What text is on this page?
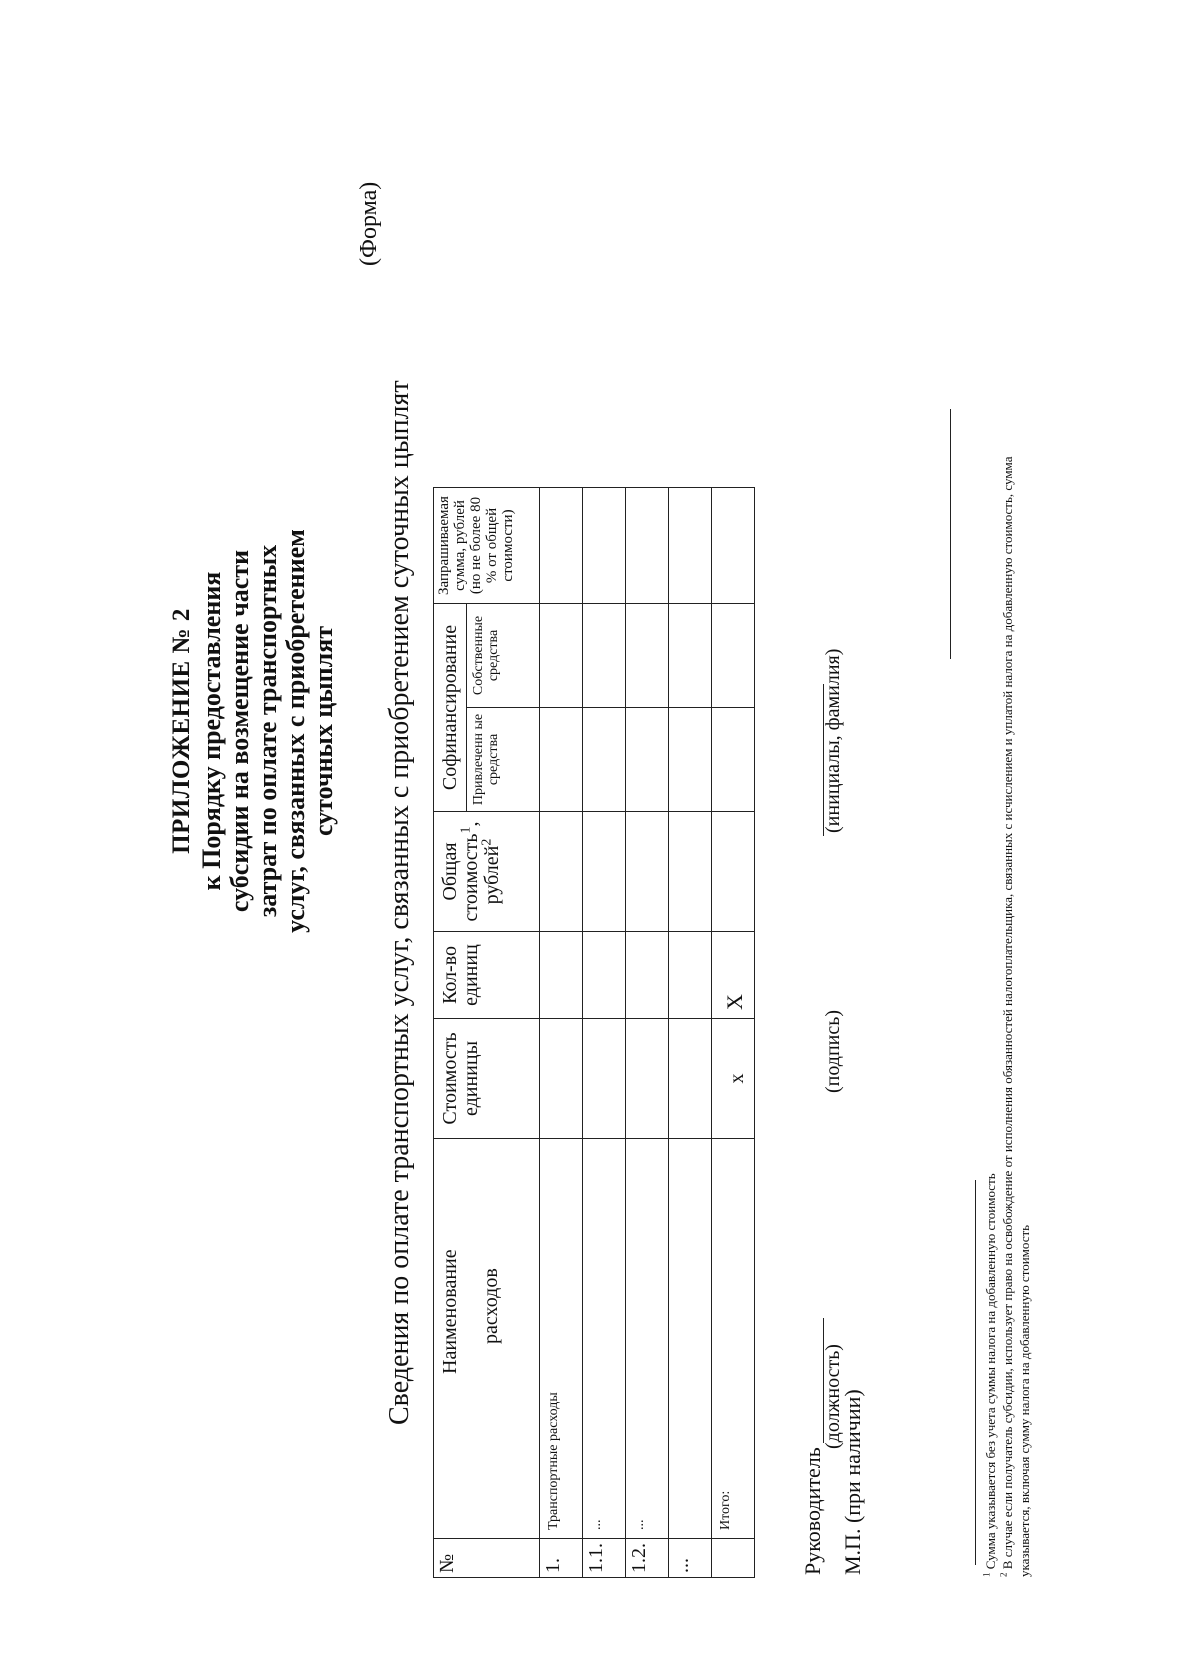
ПРИЛОЖЕНИЕ № 2 к Порядку предоставления субсидии на возмещение части затрат по оплате транспортных услуг, связанных с приобретением суточных цыплят
(Форма)
Сведения по оплате транспортных услуг, связанных с приобретением суточных цыплят
№	Наименование расходов	Стоимость единицы	Кол-во единиц	Общая стоимость$^1$, рублей$^2$	Софинансирование		Запрашиваемая сумма, рублей (но не более 80 % от общей стоимости)
					Привлеченн ые средства	Собственные средства	
1.	Транспортные расходы						
1.1.	...						
1.2.	...						
...							
	Итого:	х	Х				
Руководитель
(должность)
(подпись)
(инициалы, фамилия)
М.П. (при наличии)	$^1$ Сумма указывается без учета суммы налога на добавленную стоимость
$^2$ В случае если получатель субсидии, использует право на освобождение от исполнения обязанностей налогоплательщика, связанных с исчислением и уплатой налога на добавленную стоимость, сумма указывается, включая сумму налога на добавленную стоимость
